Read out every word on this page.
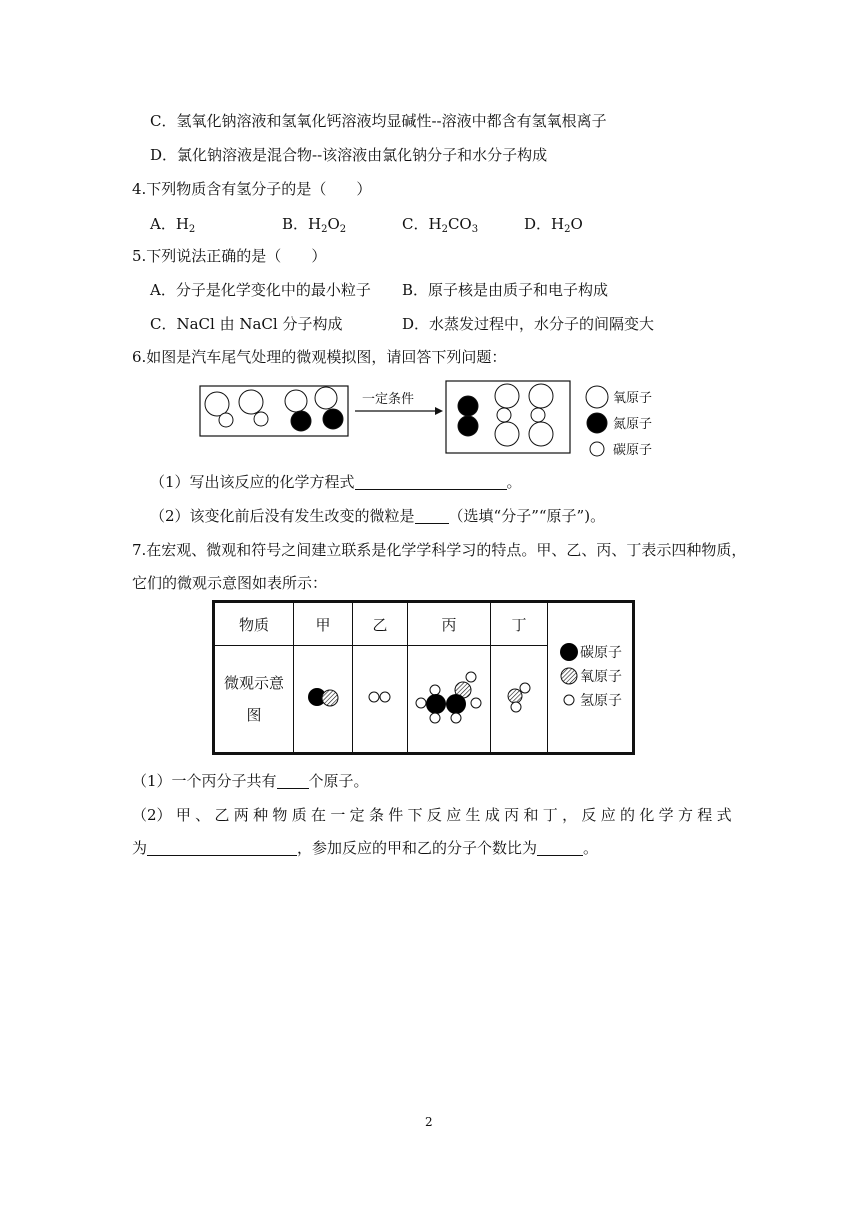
C．氢氧化钠溶液和氢氧化钙溶液均显碱性--溶液中都含有氢氧根离子
D．氯化钠溶液是混合物--该溶液由氯化钠分子和水分子构成
4.下列物质含有氢分子的是（　　）
A．$H_2$	B．$H_2O_2$	C．$H_2CO_3$	D．$H_2O$
5.下列说法正确的是（　　）
A．分子是化学变化中的最小粒子 B．原子核是由质子和电子构成
C．NaCl 由 NaCl 分子构成	D．水蒸发过程中，水分子的间隔变大
6.如图是汽车尾气处理的微观模拟图，请回答下列问题：
一定条件	氧原子
氮原子
碳原子
（1）写出该反应的化学方程式	。
（2）该变化前后没有发生改变的微粒是 （选填“分子”“原子”)。
7.在宏观、微观和符号之间建立联系是化学学科学习的特点。甲、乙、丙、丁表示四种物质，
它们的微观示意图如表所示：
物质	甲	乙	丙	丁	碳原子
氧原子
氢原子

微观示意
图

（1）一个丙分子共有 个原子。
（2） 甲 、 乙 两 种 物 质 在 一 定 条 件 下 反 应 生 成 丙 和 丁 ， 反 应 的 化 学 方 程 式
为	，参加反应的甲和乙的分子个数比为	。
2
